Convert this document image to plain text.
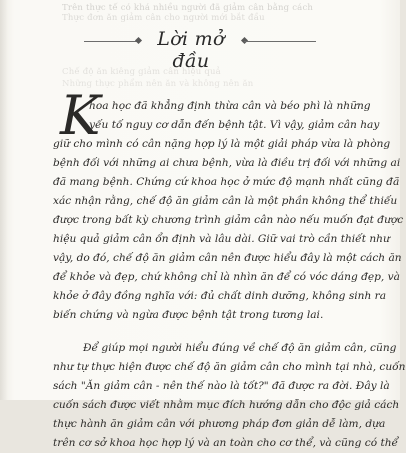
Trên thực tế có khá nhiều người đã giảm cân bằng cách
Thực đơn ăn giảm cân cho người mới bắt đầu
Chế độ ăn kiêng giảm cân hiệu quả
Những thực phẩm nên ăn và không nên ăn
Lời mở đầu
K
hoa học đã khẳng định thừa cân và béo phì là những
yếu tố nguy cơ dẫn đến bệnh tật. Vì vậy, giảm cân hay
giữ cho mình có cân nặng hợp lý là một giải pháp vừa là phòng
bệnh đối với những ai chưa bệnh, vừa là điều trị đối với những ai
đã mang bệnh. Chứng cứ khoa học ở mức độ mạnh nhất cũng đã
xác nhận rằng, chế độ ăn giảm cân là một phần không thể thiếu
được trong bất kỳ chương trình giảm cân nào nếu muốn đạt được
hiệu quả giảm cân ổn định và lâu dài. Giữ vai trò cần thiết như
vậy, do đó, chế độ ăn giảm cân nên được hiểu đây là một cách ăn
để khỏe và đẹp, chứ không chỉ là nhìn ăn để có vóc dáng đẹp, và
khỏe ở đây đồng nghĩa với: đủ chất dinh dưỡng, không sinh ra
biến chứng và ngừa được bệnh tật trong tương lai.
Để giúp mọi người hiểu đúng về chế độ ăn giảm cân, cũng
như tự thực hiện được chế độ ăn giảm cân cho mình tại nhà, cuốn
sách "Ăn giảm cân - nên thế nào là tốt?" đã được ra đời. Đây là
cuốn sách được viết nhằm mục đích hướng dẫn cho độc giả cách
thực hành ăn giảm cân với phương pháp đơn giản dễ làm, dựa
trên cơ sở khoa học hợp lý và an toàn cho cơ thể, và cũng có thể
